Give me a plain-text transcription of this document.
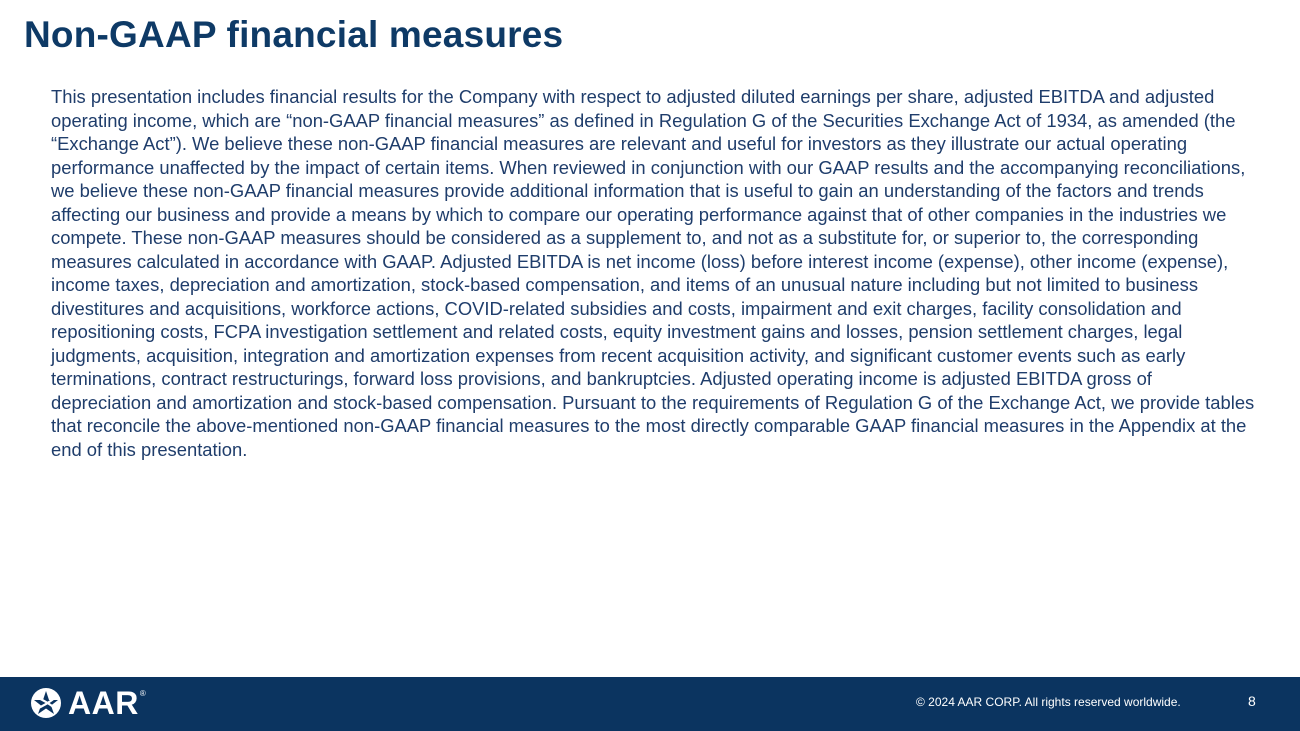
Non-GAAP financial measures

This presentation includes financial results for the Company with respect to adjusted diluted earnings per share, adjusted EBITDA and adjusted operating income, which are “non-GAAP financial measures” as defined in Regulation G of the Securities Exchange Act of 1934, as amended (the “Exchange Act”). We believe these non-GAAP financial measures are relevant and useful for investors as they illustrate our actual operating performance unaffected by the impact of certain items. When reviewed in conjunction with our GAAP results and the accompanying reconciliations, we believe these non-GAAP financial measures provide additional information that is useful to gain an understanding of the factors and trends affecting our business and provide a means by which to compare our operating performance against that of other companies in the industries we compete. These non-GAAP measures should be considered as a supplement to, and not as a substitute for, or superior to, the corresponding measures calculated in accordance with GAAP. Adjusted EBITDA is net income (loss) before interest income (expense), other income (expense), income taxes, depreciation and amortization, stock-based compensation, and items of an unusual nature including but not limited to business divestitures and acquisitions, workforce actions, COVID-related subsidies and costs, impairment and exit charges, facility consolidation and repositioning costs, FCPA investigation settlement and related costs, equity investment gains and losses, pension settlement charges, legal judgments, acquisition, integration and amortization expenses from recent acquisition activity, and significant customer events such as early terminations, contract restructurings, forward loss provisions, and bankruptcies. Adjusted operating income is adjusted EBITDA gross of depreciation and amortization and stock-based compensation. Pursuant to the requirements of Regulation G of the Exchange Act, we provide tables that reconcile the above-mentioned non-GAAP financial measures to the most directly comparable GAAP financial measures in the Appendix at the end of this presentation.

AAR ®
© 2024 AAR CORP. All rights reserved worldwide.	8
